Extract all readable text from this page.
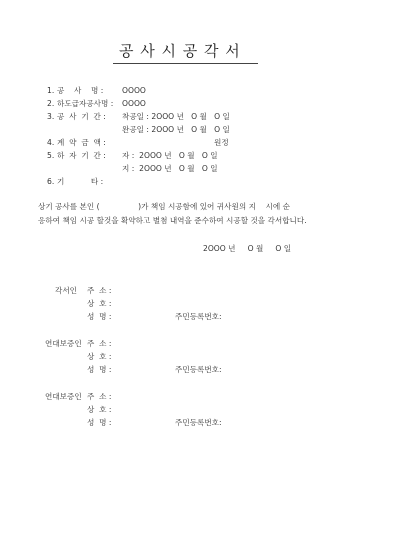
공 사 시 공 각 서
1. 공    사    명 : OOOO
2. 하도급자공사명 : OOOO
3. 공  사  기  간 : 착공일 : 2OOO 년   O 월   O 일
완공일 : 2OOO 년   O 월   O 일
4. 계  약  금  액 :	원정
5. 하  자  기  간 : 자 :  2OOO 년   O 월   O 일
지 :  2OOO 년   O 월   O 일
6. 기           타 :
상기 공사를 본인 (                )가 책임 시공함에 있어 귀사원의 지    시에 순
응하여 책임 시공 할것을 확약하고 별첨 내역을 준수하여 시공할 것을 각서합니다.
2OOO 년     O 월     O 일
각서인 주  소 :
상  호 :
성  명 :	주민등록번호:
연대보증인 주  소 :
상  호 :
성  명 :	주민등록번호:
연대보증인 주  소 :
상  호 :
성  명 :	주민등록번호:
